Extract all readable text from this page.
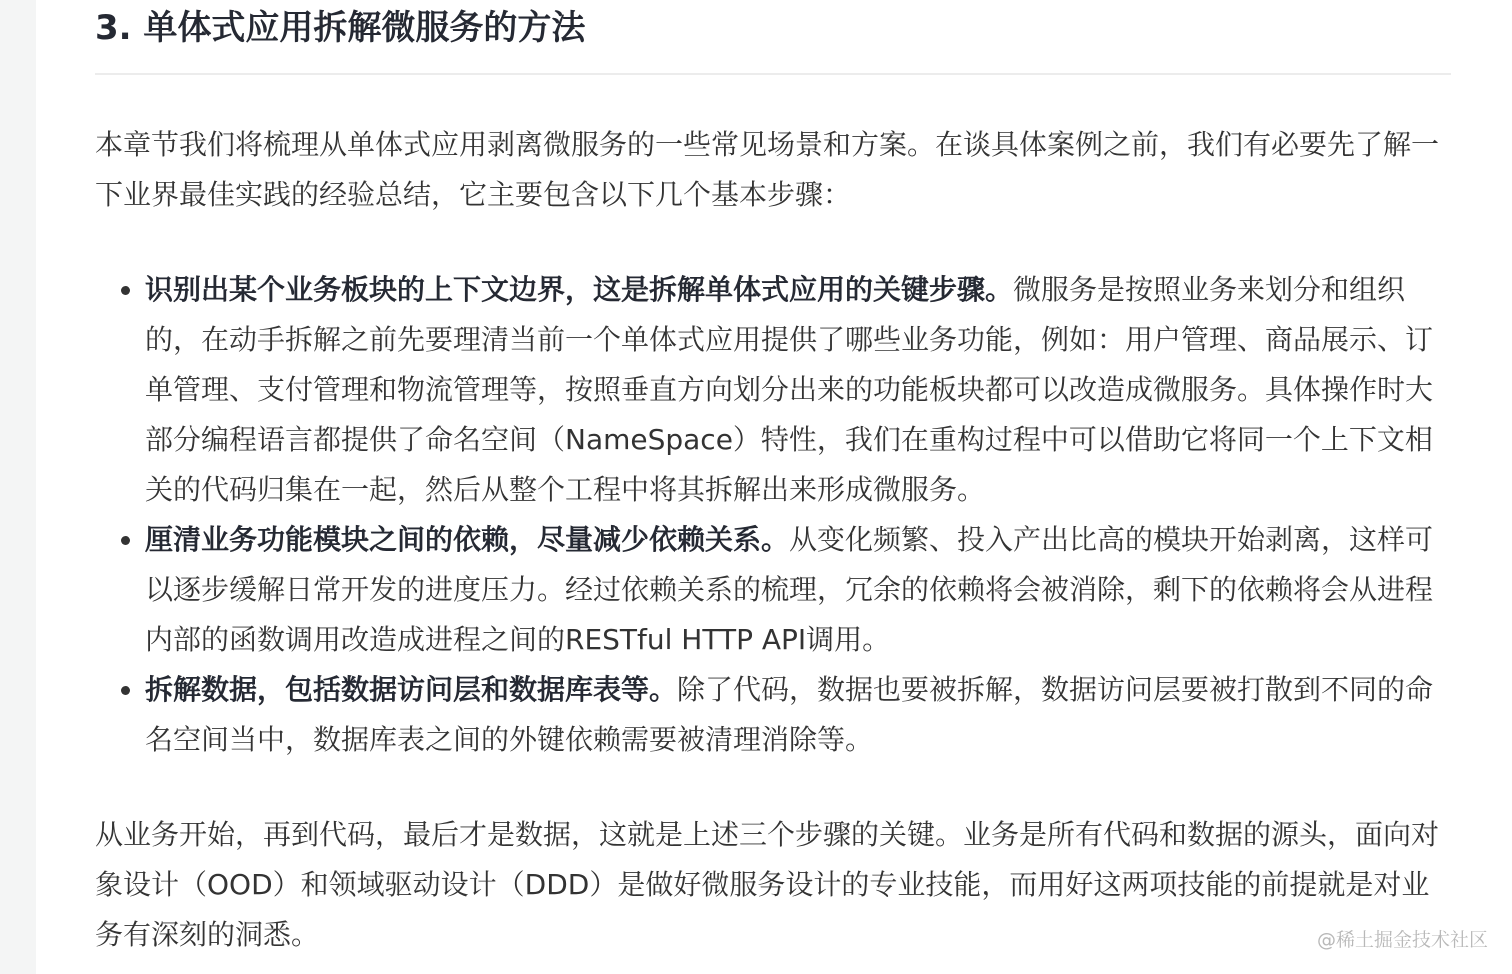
3. 单体式应用拆解微服务的方法

本章节我们将梳理从单体式应用剥离微服务的一些常见场景和方案。在谈具体案例之前，我们有必要先了解一下业界最佳实践的经验总结，它主要包含以下几个基本步骤：

识别出某个业务板块的上下文边界，这是拆解单体式应用的关键步骤。微服务是按照业务来划分和组织的，在动手拆解之前先要理清当前一个单体式应用提供了哪些业务功能，例如：用户管理、商品展示、订单管理、支付管理和物流管理等，按照垂直方向划分出来的功能板块都可以改造成微服务。具体操作时大部分编程语言都提供了命名空间（NameSpace）特性，我们在重构过程中可以借助它将同一个上下文相关的代码归集在一起，然后从整个工程中将其拆解出来形成微服务。
厘清业务功能模块之间的依赖，尽量减少依赖关系。从变化频繁、投入产出比高的模块开始剥离，这样可以逐步缓解日常开发的进度压力。经过依赖关系的梳理，冗余的依赖将会被消除，剩下的依赖将会从进程内部的函数调用改造成进程之间的RESTful HTTP API调用。
拆解数据，包括数据访问层和数据库表等。除了代码，数据也要被拆解，数据访问层要被打散到不同的命名空间当中，数据库表之间的外键依赖需要被清理消除等。

从业务开始，再到代码，最后才是数据，这就是上述三个步骤的关键。业务是所有代码和数据的源头，面向对象设计（OOD）和领域驱动设计（DDD）是做好微服务设计的专业技能，而用好这两项技能的前提就是对业务有深刻的洞悉。	@稀土掘金技术社区
